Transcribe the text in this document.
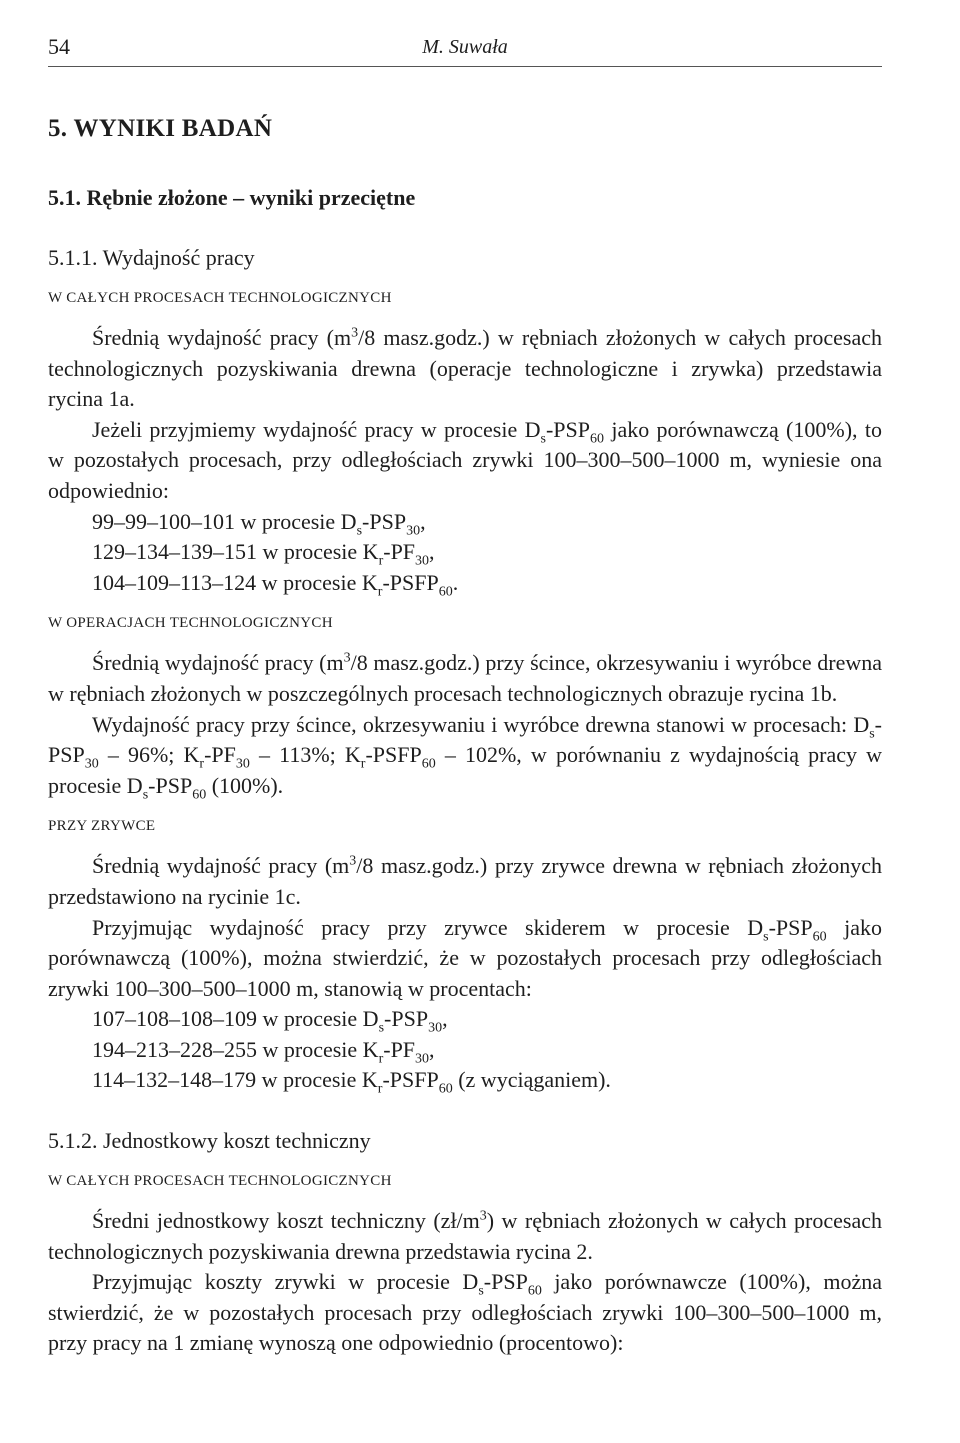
54	M. Suwała
5. WYNIKI BADAŃ
5.1. Rębnie złożone – wyniki przeciętne
5.1.1. Wydajność pracy
W CAŁYCH PROCESACH TECHNOLOGICZNYCH

Średnią wydajność pracy ($m^3/8$ masz.godz.) w rębniach złożonych w całych procesach technologicznych pozyskiwania drewna (operacje technologiczne i zrywka) przedstawia rycina 1a.

Jeżeli przyjmiemy wydajność pracy w procesie $D_s-PSP_{60}$ jako porównawczą (100%), to w pozostałych procesach, przy odległościach zrywki 100–300–500–1000 m, wyniesie ona odpowiednio:

99–99–100–101 w procesie $D_s-PSP_{30}$,
129–134–139–151 w procesie $K_r-PF_{30}$,
104–109–113–124 w procesie $K_r-PSFP_{60}$.
W OPERACJACH TECHNOLOGICZNYCH

Średnią wydajność pracy ($m^3/8$ masz.godz.) przy ścince, okrzesywaniu i wyróbce drewna w rębniach złożonych w poszczególnych procesach technologicznych obrazuje rycina 1b.

Wydajność pracy przy ścince, okrzesywaniu i wyróbce drewna stanowi w procesach: $D_s-PSP_{30} - 96\%$; $K_r-PF_{30} - 113\%$; $K_r-PSFP_{60} - 102\%$, w porównaniu z wydajnością pracy w procesie $D_s-PSP_{60}$ (100%).

PRZY ZRYWCE

Średnią wydajność pracy ($m^3/8$ masz.godz.) przy zrywce drewna w rębniach złożonych przedstawiono na rycinie 1c.

Przyjmując wydajność pracy przy zrywce skiderem w procesie $D_s-PSP_{60}$ jako porównawczą (100%), można stwierdzić, że w pozostałych procesach przy odległościach zrywki 100–300–500–1000 m, stanowią w procentach:

107–108–108–109 w procesie $D_s-PSP_{30}$,
194–213–228–255 w procesie $K_r-PF_{30}$,
114–132–148–179 w procesie $K_r-PSFP_{60}$ (z wyciąganiem).
5.1.2. Jednostkowy koszt techniczny
W CAŁYCH PROCESACH TECHNOLOGICZNYCH

Średni jednostkowy koszt techniczny $(zł/m^3)$ w rębniach złożonych w całych procesach technologicznych pozyskiwania drewna przedstawia rycina 2.

Przyjmując koszty zrywki w procesie $D_s-PSP_{60}$ jako porównawcze (100%), można stwierdzić, że w pozostałych procesach przy odległościach zrywki 100–300–500–1000 m, przy pracy na 1 zmianę wynoszą one odpowiednio (procentowo):
